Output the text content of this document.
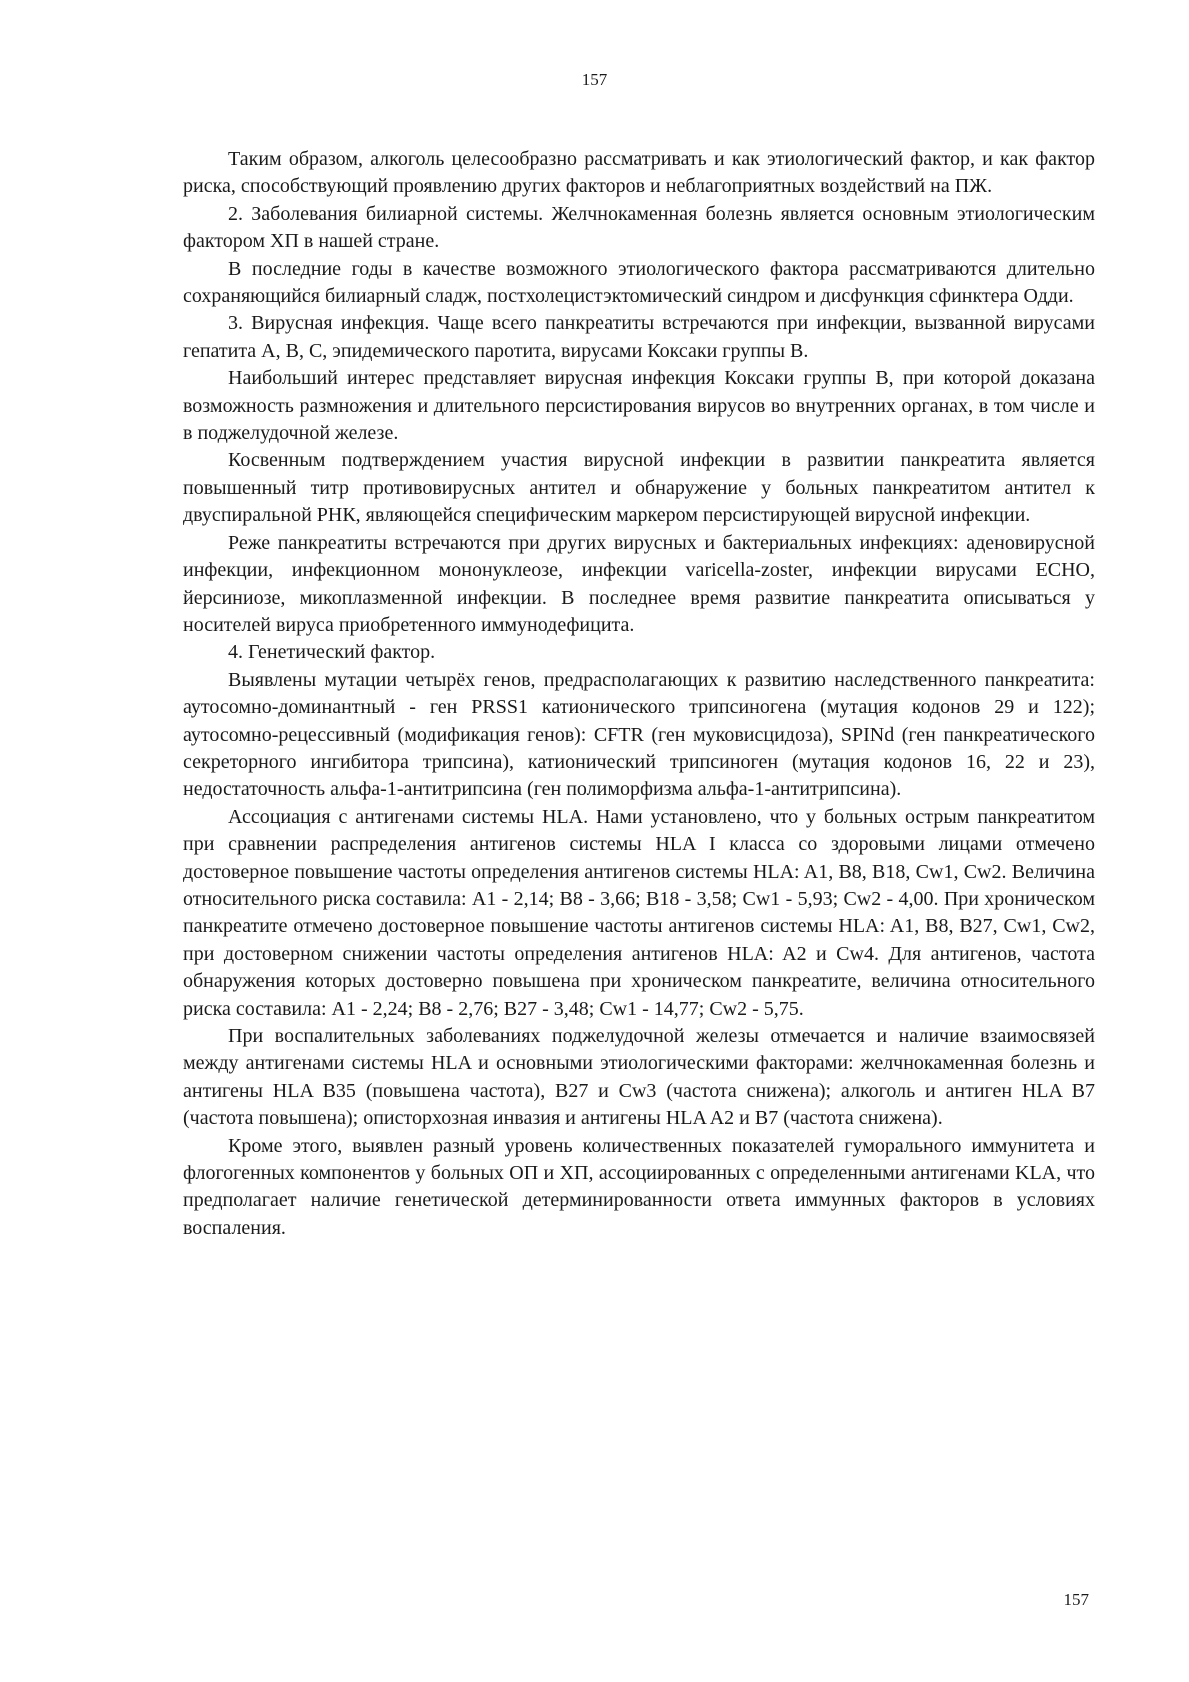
157

Таким образом, алкоголь целесообразно рассматривать и как этиологический фактор, и как фактор риска, способствующий проявлению других факторов и неблагоприятных воздействий на ПЖ.

2. Заболевания билиарной системы. Желчнокаменная болезнь является основным этиологическим фактором ХП в нашей стране.

В последние годы в качестве возможного этиологического фактора рассматриваются длительно сохраняющийся билиарный сладж, постхолецистэктомический синдром и дисфункция сфинктера Одди.

3. Вирусная инфекция. Чаще всего панкреатиты встречаются при инфекции, вызванной вирусами гепатита А, В, С, эпидемического паротита, вирусами Коксаки группы В.

Наибольший интерес представляет вирусная инфекция Коксаки группы В, при которой доказана возможность размножения и длительного персистирования вирусов во внутренних органах, в том числе и в поджелудочной железе.

Косвенным подтверждением участия вирусной инфекции в развитии панкреатита является повышенный титр противовирусных антител и обнаружение у больных панкреатитом антител к двуспиральной РНК, являющейся специфическим маркером персистирующей вирусной инфекции.

Реже панкреатиты встречаются при других вирусных и бактериальных инфекциях: аденовирусной инфекции, инфекционном мононуклеозе, инфекции varicella-zoster, инфекции вирусами ЕСНО, йерсиниозе, микоплазменной инфекции. В последнее время развитие панкреатита описываться у носителей вируса приобретенного иммунодефицита.

4. Генетический фактор.

Выявлены мутации четырёх генов, предрасполагающих к развитию наследственного панкреатита: аутосомно-доминантный - ген PRSS1 катионического трипсиногена (мутация кодонов 29 и 122); аутосомно-рецессивный (модификация генов): CFTR (ген муковисцидоза), SPINd (ген панкреатического секреторного ингибитора трипсина), катионический трипсиноген (мутация кодонов 16, 22 и 23), недостаточность альфа-1-антитрипсина (ген полиморфизма альфа-1-антитрипсина).

Ассоциация с антигенами системы HLA. Нами установлено, что у больных острым панкреатитом при сравнении распределения антигенов системы HLA I класса со здоровыми лицами отмечено достоверное повышение частоты определения антигенов системы HLA: A1, B8, B18, Cw1, Cw2. Величина относительного риска составила: A1 - 2,14; B8 - 3,66; B18 - 3,58; Cw1 - 5,93; Cw2 - 4,00. При хроническом панкреатите отмечено достоверное повышение частоты антигенов системы HLA: A1, B8, B27, Cw1, Cw2, при достоверном снижении частоты определения антигенов HLA: A2 и Cw4. Для антигенов, частота обнаружения которых достоверно повышена при хроническом панкреатите, величина относительного риска составила: A1 - 2,24; B8 - 2,76; B27 - 3,48; Cw1 - 14,77; Cw2 - 5,75.

При воспалительных заболеваниях поджелудочной железы отмечается и наличие взаимосвязей между антигенами системы HLA и основными этиологическими факторами: желчнокаменная болезнь и антигены HLA B35 (повышена частота), B27 и Cw3 (частота снижена); алкоголь и антиген HLA B7 (частота повышена); описторхозная инвазия и антигены HLA A2 и B7 (частота снижена).

Кроме этого, выявлен разный уровень количественных показателей гуморального иммунитета и флогогенных компонентов у больных ОП и ХП, ассоциированных с определенными антигенами KLA, что предполагает наличие генетической детерминированности ответа иммунных факторов в условиях воспаления.

157
